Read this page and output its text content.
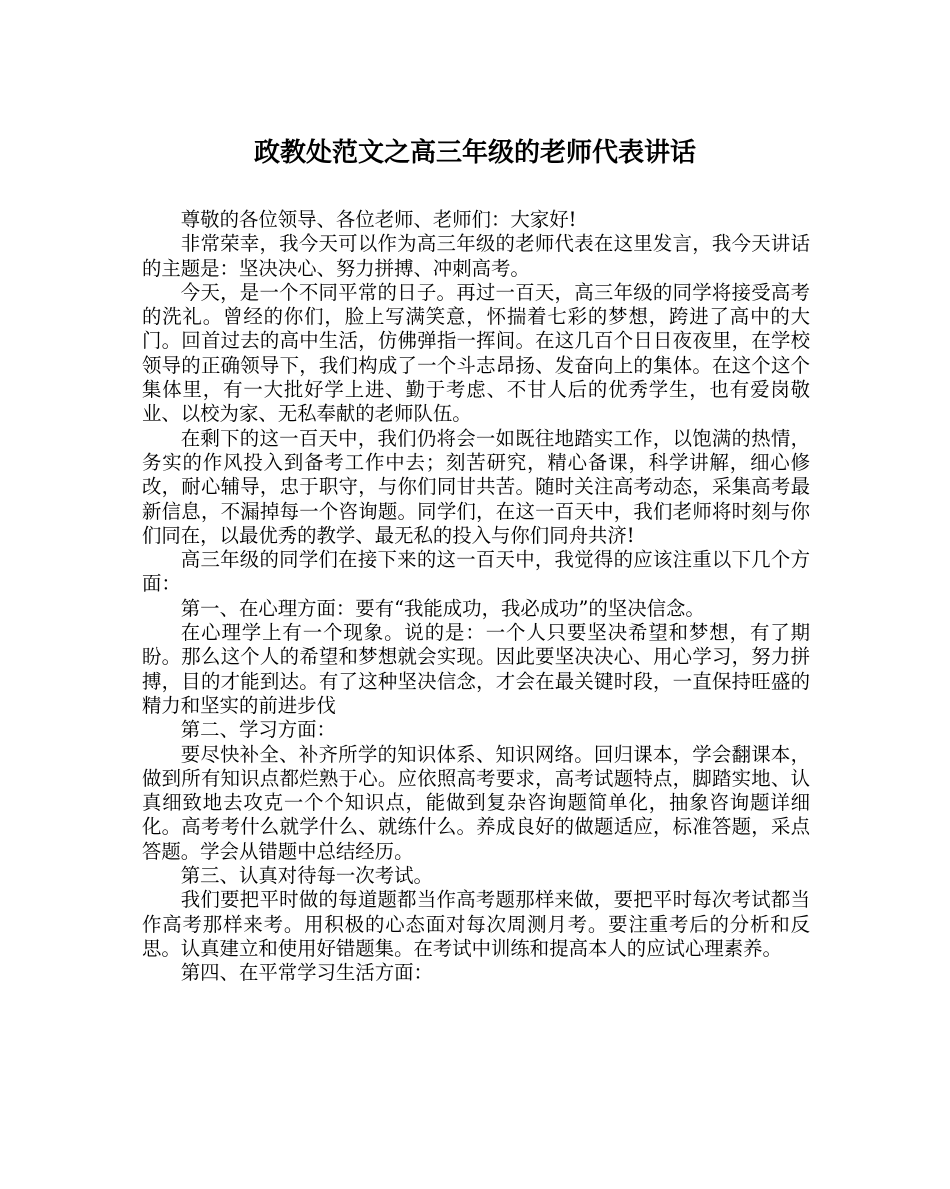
政教处范文之高三年级的老师代表讲话

尊敬的各位领导、各位老师、老师们：大家好!

非常荣幸，我今天可以作为高三年级的老师代表在这里发言，我今天讲话的主题是：坚决决心、努力拼搏、冲刺高考。

今天，是一个不同平常的日子。再过一百天，高三年级的同学将接受高考的洗礼。曾经的你们，脸上写满笑意，怀揣着七彩的梦想，跨进了高中的大门。回首过去的高中生活，仿佛弹指一挥间。在这几百个日日夜夜里，在学校领导的正确领导下，我们构成了一个斗志昂扬、发奋向上的集体。在这个这个集体里，有一大批好学上进、勤于考虑、不甘人后的优秀学生，也有爱岗敬业、以校为家、无私奉献的老师队伍。

在剩下的这一百天中，我们仍将会一如既往地踏实工作，以饱满的热情，务实的作风投入到备考工作中去；刻苦研究，精心备课，科学讲解，细心修改，耐心辅导，忠于职守，与你们同甘共苦。随时关注高考动态，采集高考最新信息，不漏掉每一个咨询题。同学们，在这一百天中，我们老师将时刻与你们同在，以最优秀的教学、最无私的投入与你们同舟共济!

高三年级的同学们在接下来的这一百天中，我觉得的应该注重以下几个方面：

第一、在心理方面：要有“我能成功，我必成功”的坚决信念。

在心理学上有一个现象。说的是：一个人只要坚决希望和梦想，有了期盼。那么这个人的希望和梦想就会实现。因此要坚决决心、用心学习，努力拼搏，目的才能到达。有了这种坚决信念，才会在最关键时段，一直保持旺盛的精力和坚实的前进步伐

第二、学习方面：

要尽快补全、补齐所学的知识体系、知识网络。回归课本，学会翻课本，做到所有知识点都烂熟于心。应依照高考要求，高考试题特点，脚踏实地、认真细致地去攻克一个个知识点，能做到复杂咨询题简单化，抽象咨询题详细化。高考考什么就学什么、就练什么。养成良好的做题适应，标准答题，采点答题。学会从错题中总结经历。

第三、认真对待每一次考试。

我们要把平时做的每道题都当作高考题那样来做，要把平时每次考试都当作高考那样来考。用积极的心态面对每次周测月考。要注重考后的分析和反思。认真建立和使用好错题集。在考试中训练和提高本人的应试心理素养。

第四、在平常学习生活方面：
